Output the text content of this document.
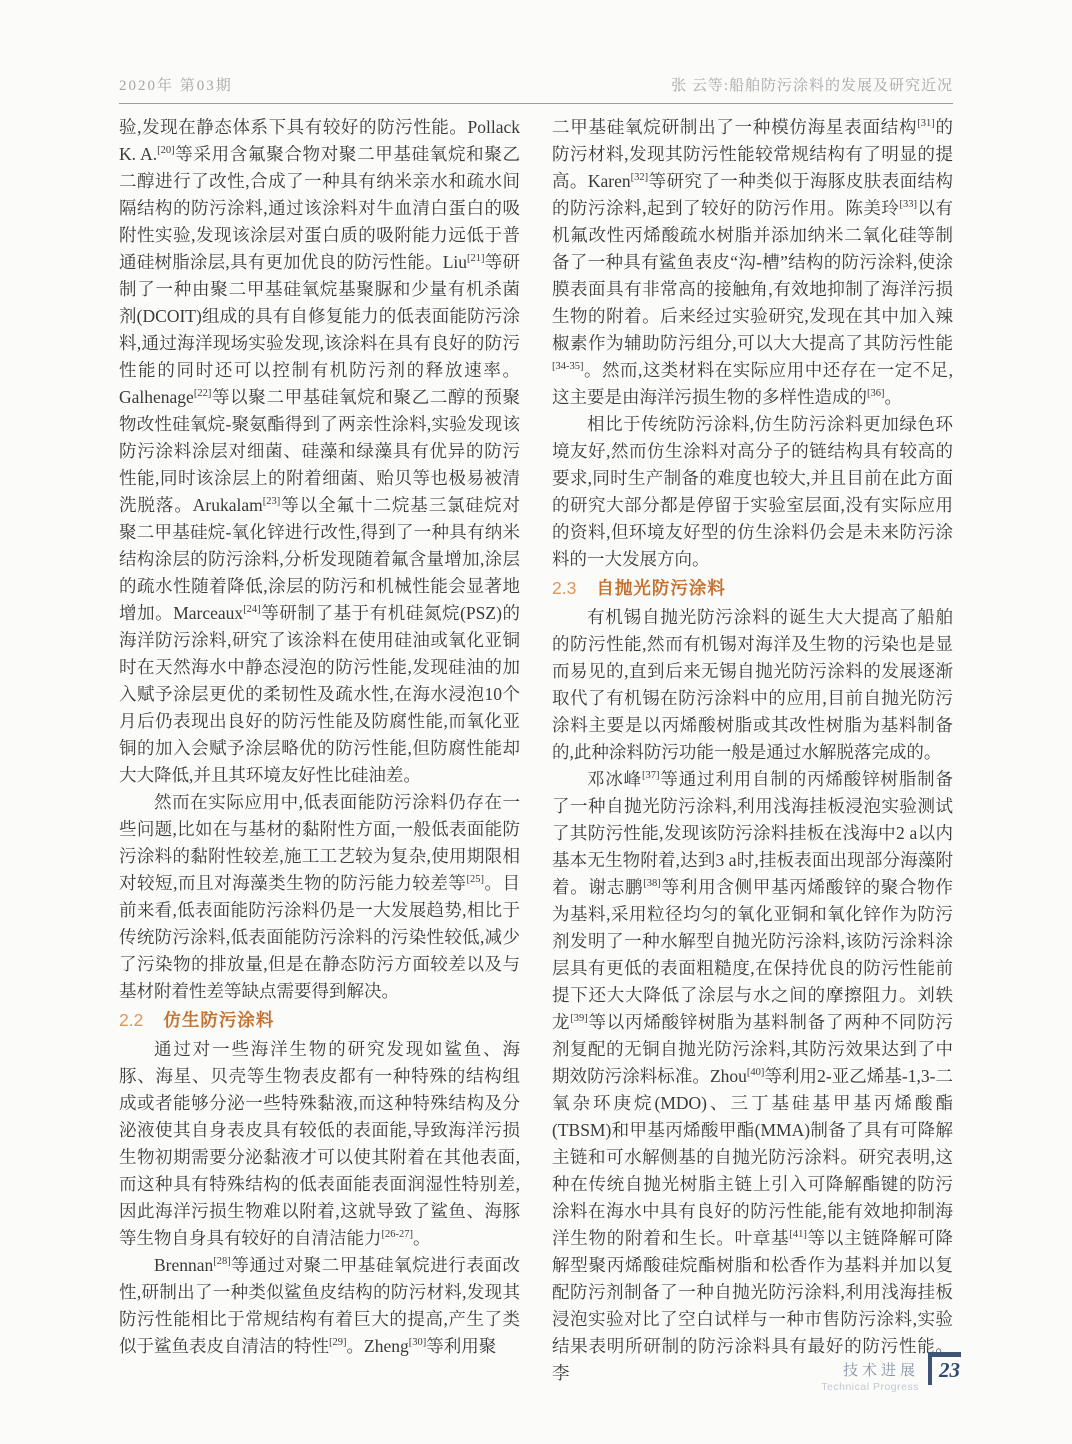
2020年 第03期	张 云等:船舶防污涂料的发展及研究近况

验,发现在静态体系下具有较好的防污性能。Pollack K. A.[20]等采用含氟聚合物对聚二甲基硅氧烷和聚乙二醇进行了改性,合成了一种具有纳米亲水和疏水间隔结构的防污涂料,通过该涂料对牛血清白蛋白的吸附性实验,发现该涂层对蛋白质的吸附能力远低于普通硅树脂涂层,具有更加优良的防污性能。Liu[21]等研制了一种由聚二甲基硅氧烷基聚脲和少量有机杀菌剂(DCOIT)组成的具有自修复能力的低表面能防污涂料,通过海洋现场实验发现,该涂料在具有良好的防污性能的同时还可以控制有机防污剂的释放速率。Galhenage[22]等以聚二甲基硅氧烷和聚乙二醇的预聚物改性硅氧烷-聚氨酯得到了两亲性涂料,实验发现该防污涂料涂层对细菌、硅藻和绿藻具有优异的防污性能,同时该涂层上的附着细菌、贻贝等也极易被清洗脱落。Arukalam[23]等以全氟十二烷基三氯硅烷对聚二甲基硅烷-氧化锌进行改性,得到了一种具有纳米结构涂层的防污涂料,分析发现随着氟含量增加,涂层的疏水性随着降低,涂层的防污和机械性能会显著地增加。Marceaux[24]等研制了基于有机硅氮烷(PSZ)的海洋防污涂料,研究了该涂料在使用硅油或氧化亚铜时在天然海水中静态浸泡的防污性能,发现硅油的加入赋予涂层更优的柔韧性及疏水性,在海水浸泡10个月后仍表现出良好的防污性能及防腐性能,而氧化亚铜的加入会赋予涂层略优的防污性能,但防腐性能却大大降低,并且其环境友好性比硅油差。

然而在实际应用中,低表面能防污涂料仍存在一些问题,比如在与基材的黏附性方面,一般低表面能防污涂料的黏附性较差,施工工艺较为复杂,使用期限相对较短,而且对海藻类生物的防污能力较差等[25]。目前来看,低表面能防污涂料仍是一大发展趋势,相比于传统防污涂料,低表面能防污涂料的污染性较低,减少了污染物的排放量,但是在静态防污方面较差以及与基材附着性差等缺点需要得到解决。

2.2 仿生防污涂料

通过对一些海洋生物的研究发现如鲨鱼、海豚、海星、贝壳等生物表皮都有一种特殊的结构组成或者能够分泌一些特殊黏液,而这种特殊结构及分泌液使其自身表皮具有较低的表面能,导致海洋污损生物初期需要分泌黏液才可以使其附着在其他表面,而这种具有特殊结构的低表面能表面润湿性特别差,因此海洋污损生物难以附着,这就导致了鲨鱼、海豚等生物自身具有较好的自清洁能力[26-27]。

Brennan[28]等通过对聚二甲基硅氧烷进行表面改性,研制出了一种类似鲨鱼皮结构的防污材料,发现其防污性能相比于常规结构有着巨大的提高,产生了类似于鲨鱼表皮自清洁的特性[29]。Zheng[30]等利用聚

二甲基硅氧烷研制出了一种模仿海星表面结构[31]的防污材料,发现其防污性能较常规结构有了明显的提高。Karen[32]等研究了一种类似于海豚皮肤表面结构的防污涂料,起到了较好的防污作用。陈美玲[33]以有机氟改性丙烯酸疏水树脂并添加纳米二氧化硅等制备了一种具有鲨鱼表皮“沟-槽”结构的防污涂料,使涂膜表面具有非常高的接触角,有效地抑制了海洋污损生物的附着。后来经过实验研究,发现在其中加入辣椒素作为辅助防污组分,可以大大提高了其防污性能[34-35]。然而,这类材料在实际应用中还存在一定不足,这主要是由海洋污损生物的多样性造成的[36]。

相比于传统防污涂料,仿生防污涂料更加绿色环境友好,然而仿生涂料对高分子的链结构具有较高的要求,同时生产制备的难度也较大,并且目前在此方面的研究大部分都是停留于实验室层面,没有实际应用的资料,但环境友好型的仿生涂料仍会是未来防污涂料的一大发展方向。

2.3 自抛光防污涂料

有机锡自抛光防污涂料的诞生大大提高了船舶的防污性能,然而有机锡对海洋及生物的污染也是显而易见的,直到后来无锡自抛光防污涂料的发展逐渐取代了有机锡在防污涂料中的应用,目前自抛光防污涂料主要是以丙烯酸树脂或其改性树脂为基料制备的,此种涂料防污功能一般是通过水解脱落完成的。

邓冰峰[37]等通过利用自制的丙烯酸锌树脂制备了一种自抛光防污涂料,利用浅海挂板浸泡实验测试了其防污性能,发现该防污涂料挂板在浅海中2 a以内基本无生物附着,达到3 a时,挂板表面出现部分海藻附着。谢志鹏[38]等利用含侧甲基丙烯酸锌的聚合物作为基料,采用粒径均匀的氧化亚铜和氧化锌作为防污剂发明了一种水解型自抛光防污涂料,该防污涂料涂层具有更低的表面粗糙度,在保持优良的防污性能前提下还大大降低了涂层与水之间的摩擦阻力。刘轶龙[39]等以丙烯酸锌树脂为基料制备了两种不同防污剂复配的无铜自抛光防污涂料,其防污效果达到了中期效防污涂料标准。Zhou[40]等利用2-亚乙烯基-1,3-二氧杂环庚烷(MDO)、三丁基硅基甲基丙烯酸酯(TBSM)和甲基丙烯酸甲酯(MMA)制备了具有可降解主链和可水解侧基的自抛光防污涂料。研究表明,这种在传统自抛光树脂主链上引入可降解酯键的防污涂料在海水中具有良好的防污性能,能有效地抑制海洋生物的附着和生长。叶章基[41]等以主链降解可降解型聚丙烯酸硅烷酯树脂和松香作为基料并加以复配防污剂制备了一种自抛光防污涂料,利用浅海挂板浸泡实验对比了空白试样与一种市售防污涂料,实验结果表明所研制的防污涂料具有最好的防污性能。李	技术进展
Technical Progress
23
